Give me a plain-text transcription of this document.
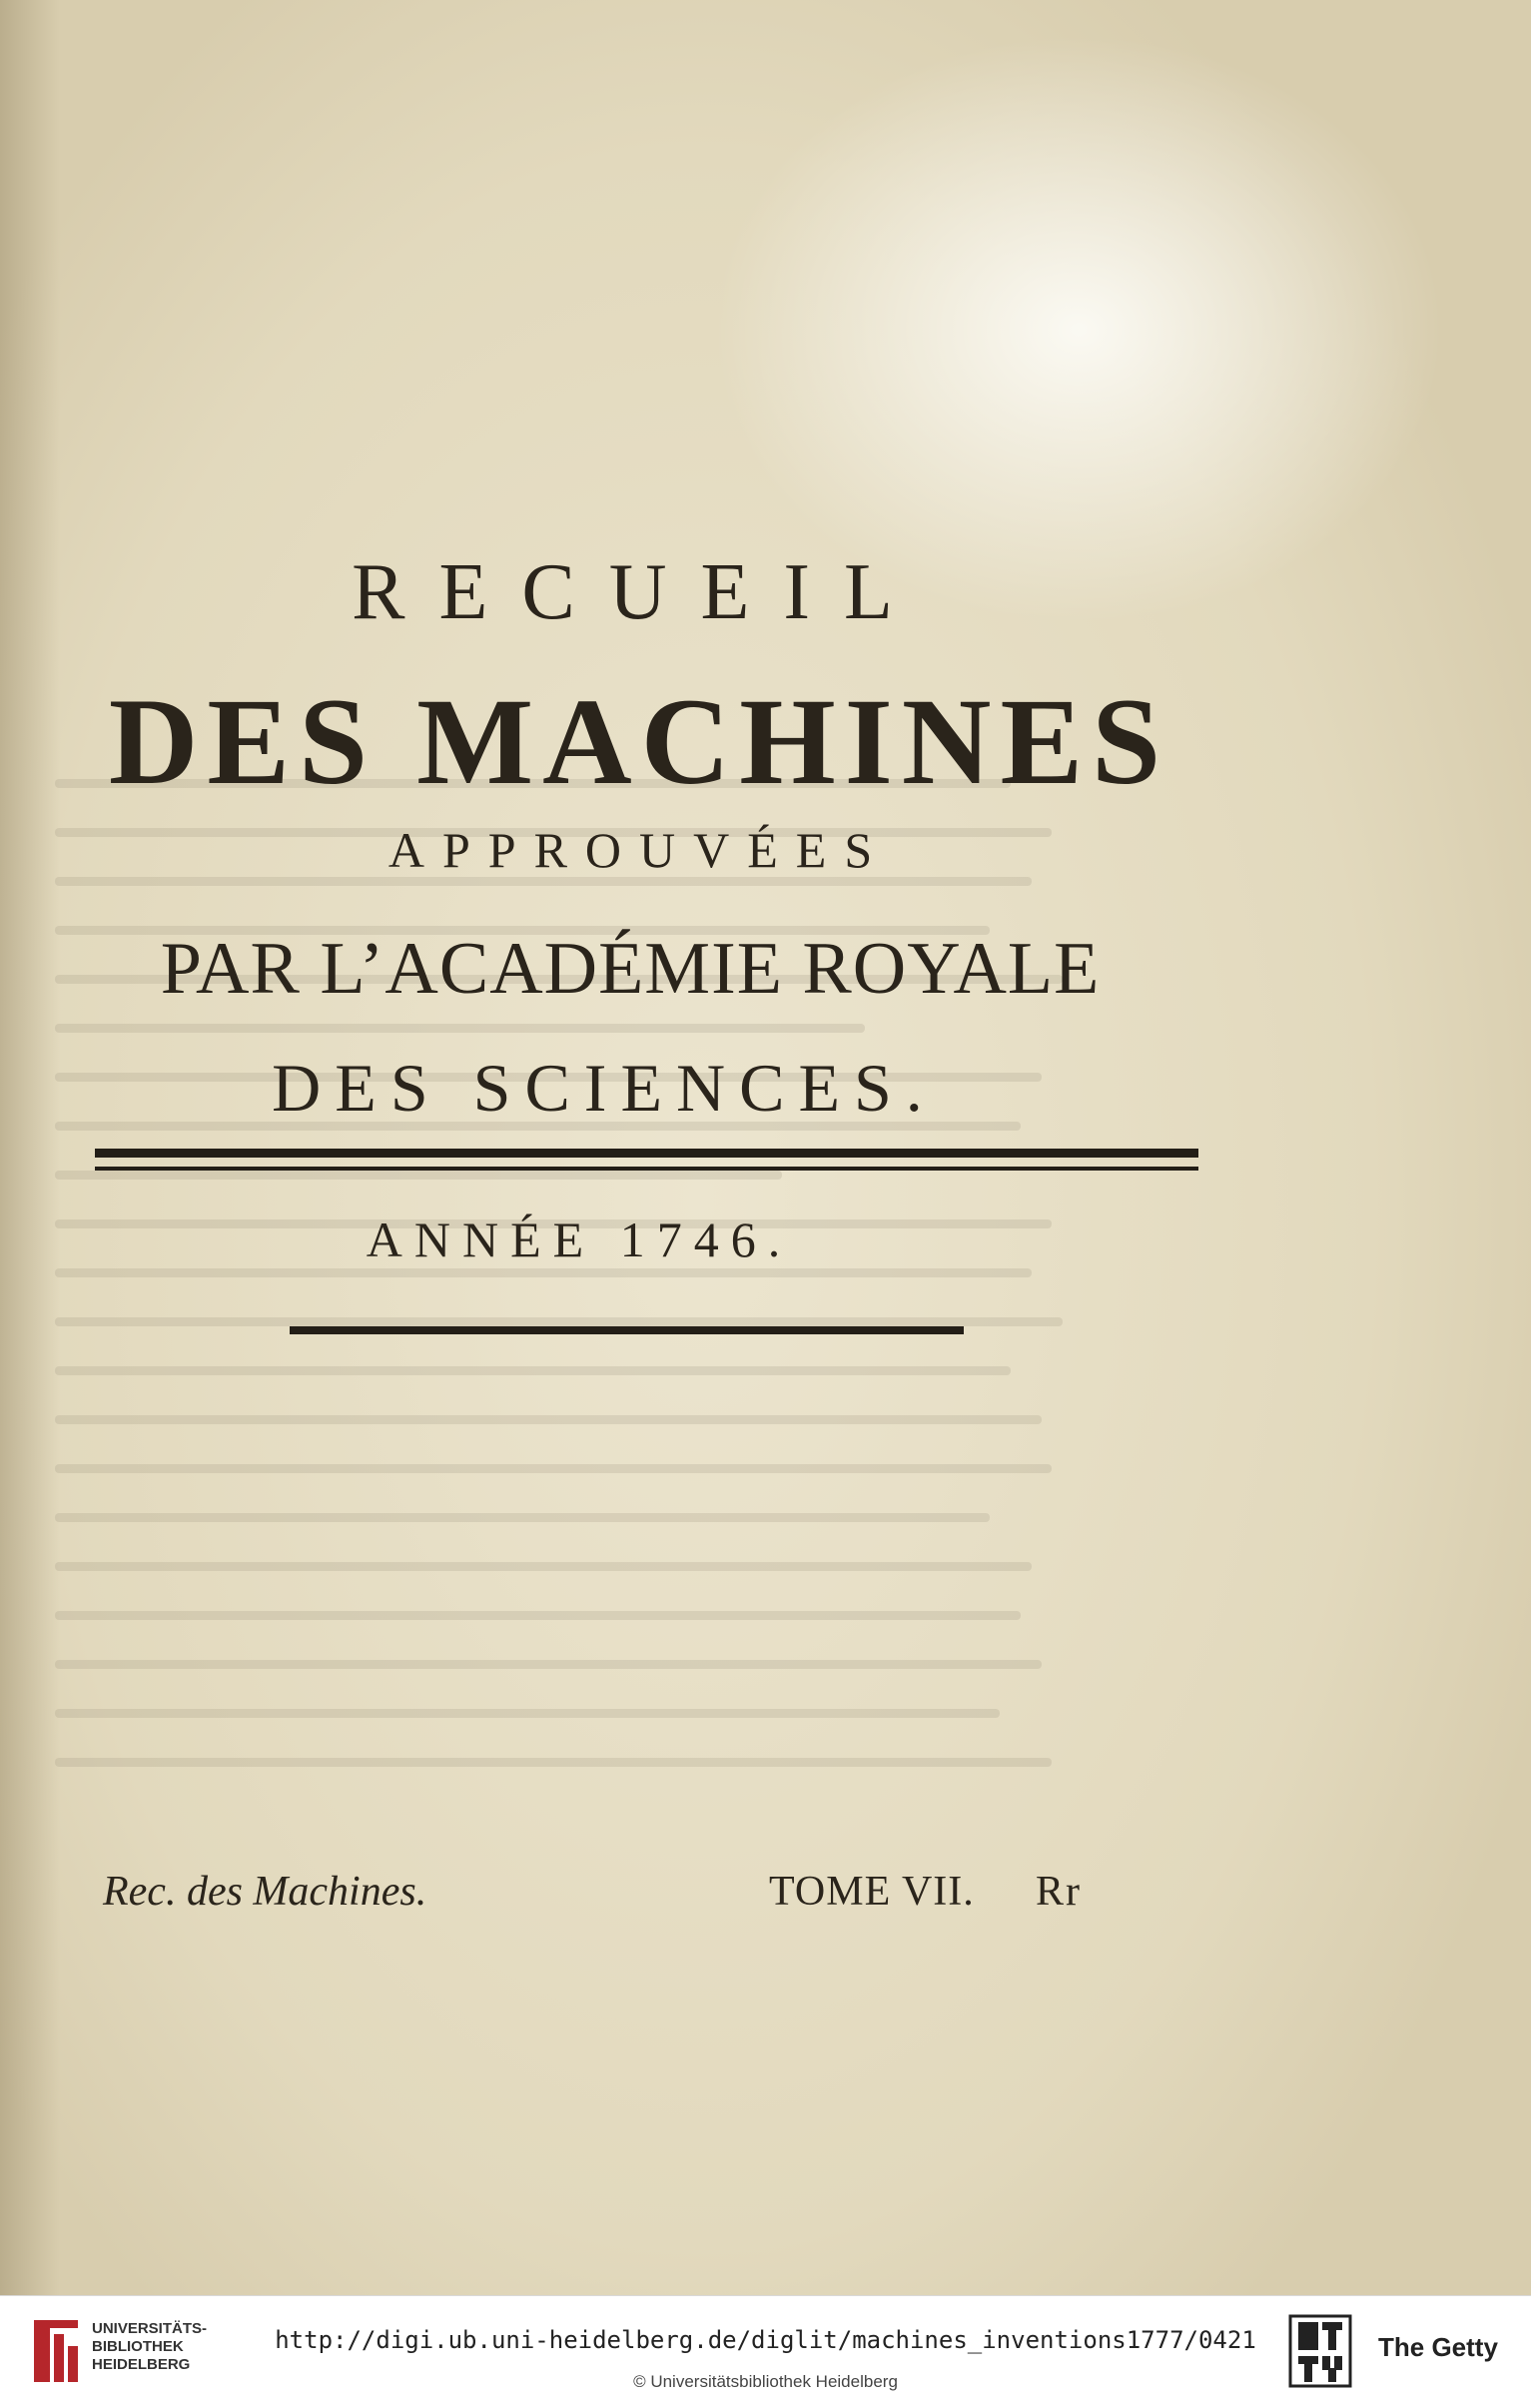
RECUEIL
DES MACHINES
APPROUVÉES
PAR L’ACADÉMIE ROYALE
DES SCIENCES.
ANNÉE 1746.
Rec. des Machines.	TOME VII. Rr
UNIVERSITÄTS-
BIBLIOTHEK
HEIDELBERG
http://digi.ub.uni-heidelberg.de/diglit/machines_inventions1777/0421
© Universitätsbibliothek Heidelberg
The Getty
